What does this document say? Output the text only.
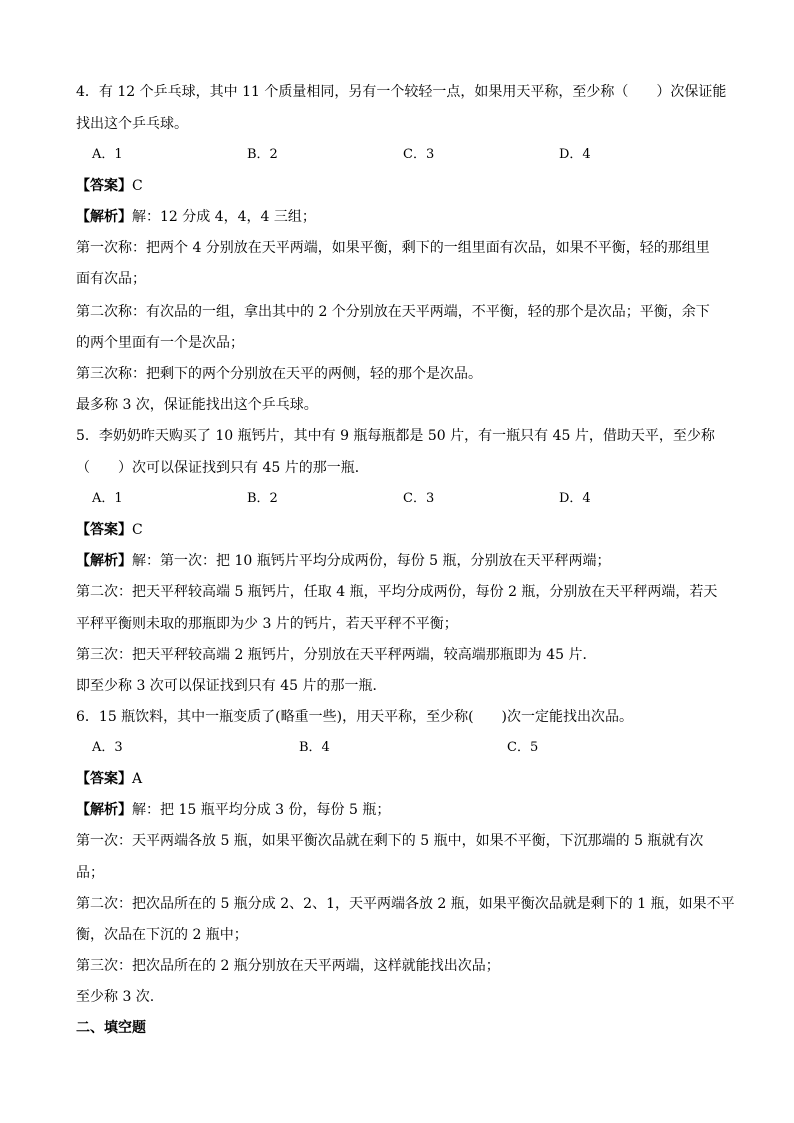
4．有 12 个乒乓球，其中 11 个质量相同，另有一个较轻一点，如果用天平称，至少称（　　）次保证能
找出这个乒乓球。
A．1	B．2	C．3	D．4
【答案】C
【解析】解：12 分成 4，4，4 三组；
第一次称：把两个 4 分别放在天平两端，如果平衡，剩下的一组里面有次品，如果不平衡，轻的那组里
面有次品；
第二次称：有次品的一组，拿出其中的 2 个分别放在天平两端，不平衡，轻的那个是次品；平衡，余下
的两个里面有一个是次品；
第三次称：把剩下的两个分别放在天平的两侧，轻的那个是次品。
最多称 3 次，保证能找出这个乒乓球。
5．李奶奶昨天购买了 10 瓶钙片，其中有 9 瓶每瓶都是 50 片，有一瓶只有 45 片，借助天平，至少称
（　　）次可以保证找到只有 45 片的那一瓶．
A．1	B．2	C．3	D．4
【答案】C
【解析】解：第一次：把 10 瓶钙片平均分成两份，每份 5 瓶，分别放在天平秤两端；
第二次：把天平秤较高端 5 瓶钙片，任取 4 瓶，平均分成两份，每份 2 瓶，分别放在天平秤两端，若天
平秤平衡则未取的那瓶即为少 3 片的钙片，若天平秤不平衡；
第三次：把天平秤较高端 2 瓶钙片，分别放在天平秤两端，较高端那瓶即为 45 片．
即至少称 3 次可以保证找到只有 45 片的那一瓶．
6．15 瓶饮料，其中一瓶变质了(略重一些)，用天平称，至少称(　　)次一定能找出次品。
A．3	B．4	C．5
【答案】A
【解析】解：把 15 瓶平均分成 3 份，每份 5 瓶；
第一次：天平两端各放 5 瓶，如果平衡次品就在剩下的 5 瓶中，如果不平衡，下沉那端的 5 瓶就有次
品；
第二次：把次品所在的 5 瓶分成 2、2、1，天平两端各放 2 瓶，如果平衡次品就是剩下的 1 瓶，如果不平
衡，次品在下沉的 2 瓶中；
第三次：把次品所在的 2 瓶分别放在天平两端，这样就能找出次品；
至少称 3 次.
二、填空题
